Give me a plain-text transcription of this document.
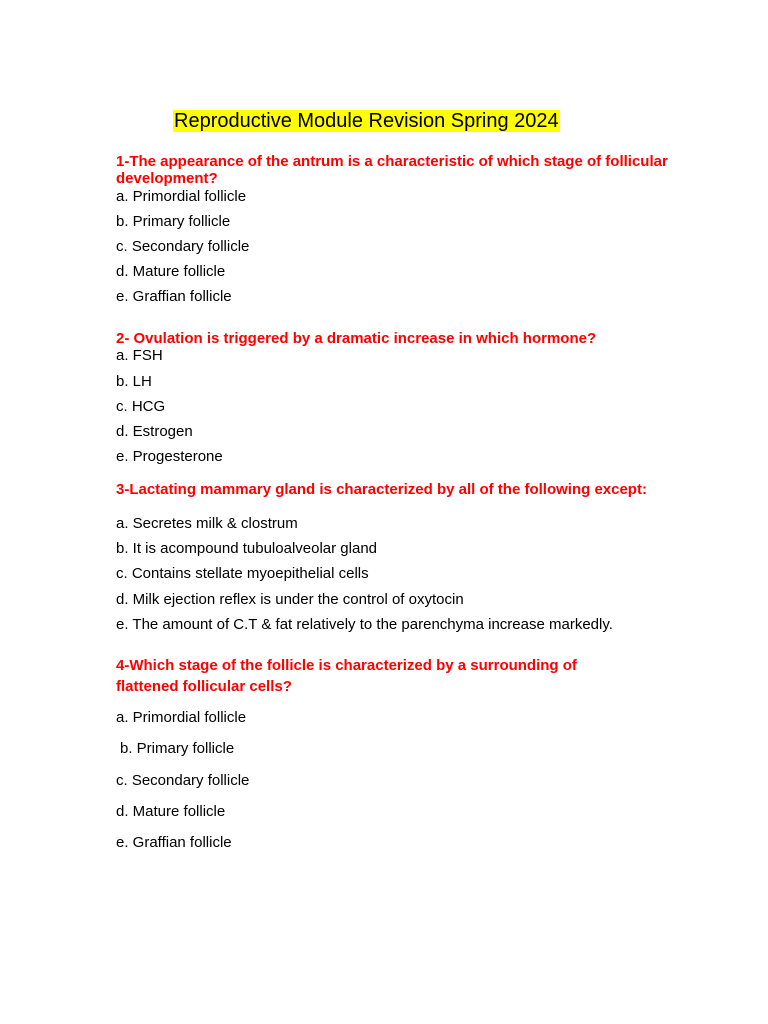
Reproductive Module Revision Spring 2024

1-The appearance of the antrum is a characteristic of which stage of follicular development?

a. Primordial follicle

b. Primary follicle

c. Secondary follicle

d. Mature follicle

e. Graffian follicle

2- Ovulation is triggered by a dramatic increase in which hormone?

a. FSH

b. LH

c. HCG

d. Estrogen

e. Progesterone

3-Lactating mammary gland is characterized by all of the following except:

a. Secretes milk & clostrum

b. It is acompound tubuloalveolar gland

c. Contains stellate myoepithelial cells

d. Milk ejection reflex is under the control of oxytocin

e. The amount of C.T & fat relatively to the parenchyma increase markedly.

4-Which stage of the follicle is characterized by a surrounding of

flattened follicular cells?

a. Primordial follicle

b. Primary follicle

c. Secondary follicle

d. Mature follicle

e. Graffian follicle
